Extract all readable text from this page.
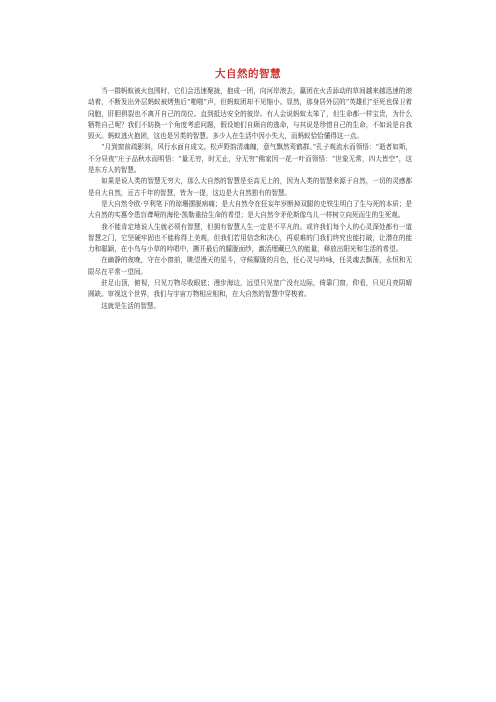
大自然的智慧

当一群蚂蚁被火包围时，它们会迅速聚拢，抱成一团，向河岸滚去，赢团在火舌舔动的草间越来越迅速的滚动着，不断发出外层蚂蚁被烤焦后“啪啪”声，但蚂蚁团却不见缩小。显然，那身居外层的“英雄们”至死也保卫着同胞，肝胆俱裂也不离开自己的岗位。直到抵达安全的彼岸。有人会说蚂蚁太笨了，但生命都一样宝贵，为什么牺牲自己呢？我们不妨换一个角度考虑问题，假设她们自顾自的逃命，与其说是珍惜自己的生命，不如说是自我毁灭。蚂蚁逃火抱团，这也是另类的智慧。多少人在生活中因小失大，而蚂蚁恰恰懂得这一点。

“月到窗前疏影斜，风行水面自成文。松声野韵清魂魄，意气飘然鸾鹤群。”孔子观流水而领悟：“逝者如斯，不分昼夜”庄子品秋水而明悟：“量无穷，时无止，分无穷”佛家因一花一叶而领悟：“世象无常，四大皆空”，这是东方人的智慧。

如果是说人类的智慧无穷大，那么大自然的智慧是至高无上的，因为人类的智慧来源于自然，一切的灵感都是自大自然，亘古千年的智慧，皆为一提，这边是大自然独有的智慧。

是大自然令欧·亨利笔下的琼珊摆脱病痛；是大自然令在狂妄年岁断掉双腿的史铁生明白了生与死的本质；是大自然的实惠令患盲聋哑的海伦·凯勒重拾生命的希望；是大自然令矛伦斯像鸟儿一样树立向死而生的生死观。

我不能肯定地说人生就必须有智慧，但拥有智慧人生一定是不平凡的。或许我们每个人的心灵深处都有一道智慧之门，它坚硬牢固也不能称得上美观，但我们若用信念和决心，再艰难的门我们终究也能打破，让潜在的能力和聪颖，在小鸟与小草的吟唱中，撕开最后的朦胧面纱，激活埋藏已久的能量，释放出阳光和生活的希望。

在幽静的夜晚，守在小窗前，眺望漫天的星斗，守候朦胧的月色，任心灵与吟咏，任灵魂去飘荡，永恒和无限尽在平常一望间。

驻足山顶，俯视，只见万物尽收眼底；漫步海边，远望只见宽广没有边际，倚靠门窗，仰看，只见月亮阴晴圆缺。审视这个世界，我们与宇宙万物相应相和，在大自然的智慧中穿梭着。

这就是生活的智慧。
